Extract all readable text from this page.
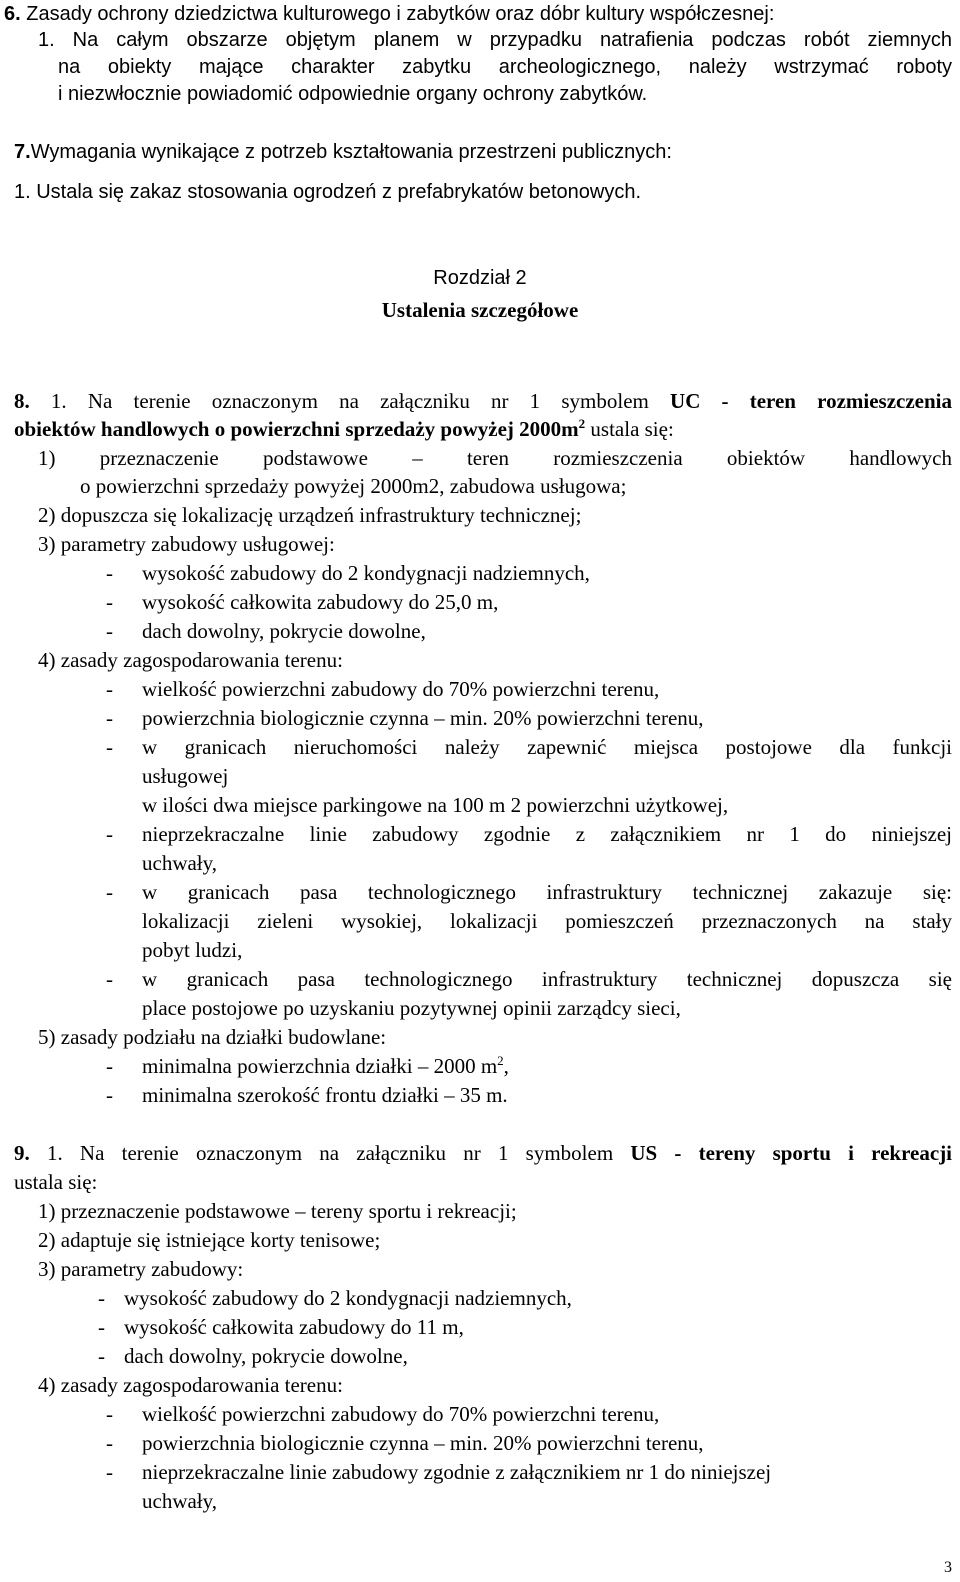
6. Zasady ochrony dziedzictwa kulturowego i zabytków oraz dóbr kultury współczesnej:
1. Na całym obszarze objętym planem w przypadku natrafienia podczas robót ziemnych
na obiekty mające charakter zabytku archeologicznego, należy wstrzymać roboty
i niezwłocznie powiadomić odpowiednie organy ochrony zabytków.
7.Wymagania wynikające z potrzeb kształtowania przestrzeni publicznych:
1. Ustala się zakaz stosowania ogrodzeń z prefabrykatów betonowych.
Rozdział 2
Ustalenia szczegółowe
8. 1. Na terenie oznaczonym na załączniku nr 1 symbolem UC - teren rozmieszczenia
obiektów handlowych o powierzchni sprzedaży powyżej $2000m^2$ ustala się:
1) przeznaczenie podstawowe – teren rozmieszczenia obiektów handlowych
o powierzchni sprzedaży powyżej 2000m2, zabudowa usługowa;
2) dopuszcza się lokalizację urządzeń infrastruktury technicznej;
3) parametry zabudowy usługowej:
- wysokość zabudowy do 2 kondygnacji nadziemnych,
- wysokość całkowita zabudowy do 25,0 m,
- dach dowolny, pokrycie dowolne,
4) zasady zagospodarowania terenu:
- wielkość powierzchni zabudowy do 70% powierzchni terenu,
- powierzchnia biologicznie czynna – min. 20% powierzchni terenu,
- w granicach nieruchomości należy zapewnić miejsca postojowe dla funkcji
usługowej
w ilości dwa miejsce parkingowe na 100 m 2 powierzchni użytkowej,
- nieprzekraczalne linie zabudowy zgodnie z załącznikiem nr 1 do niniejszej
uchwały,
- w granicach pasa technologicznego infrastruktury technicznej zakazuje się:
lokalizacji zieleni wysokiej, lokalizacji pomieszczeń przeznaczonych na stały
pobyt ludzi,
- w granicach pasa technologicznego infrastruktury technicznej dopuszcza się
place postojowe po uzyskaniu pozytywnej opinii zarządcy sieci,
5) zasady podziału na działki budowlane:
- minimalna powierzchnia działki – 2000 $m^2$,
- minimalna szerokość frontu działki – 35 m.
9. 1. Na terenie oznaczonym na załączniku nr 1 symbolem US - tereny sportu i rekreacji
ustala się:
1) przeznaczenie podstawowe – tereny sportu i rekreacji;
2) adaptuje się istniejące korty tenisowe;
3) parametry zabudowy:
- wysokość zabudowy do 2 kondygnacji nadziemnych,
- wysokość całkowita zabudowy do 11 m,
- dach dowolny, pokrycie dowolne,
4) zasady zagospodarowania terenu:
- wielkość powierzchni zabudowy do 70% powierzchni terenu,
- powierzchnia biologicznie czynna – min. 20% powierzchni terenu,
- nieprzekraczalne linie zabudowy zgodnie z załącznikiem nr 1 do niniejszej
uchwały,
3
